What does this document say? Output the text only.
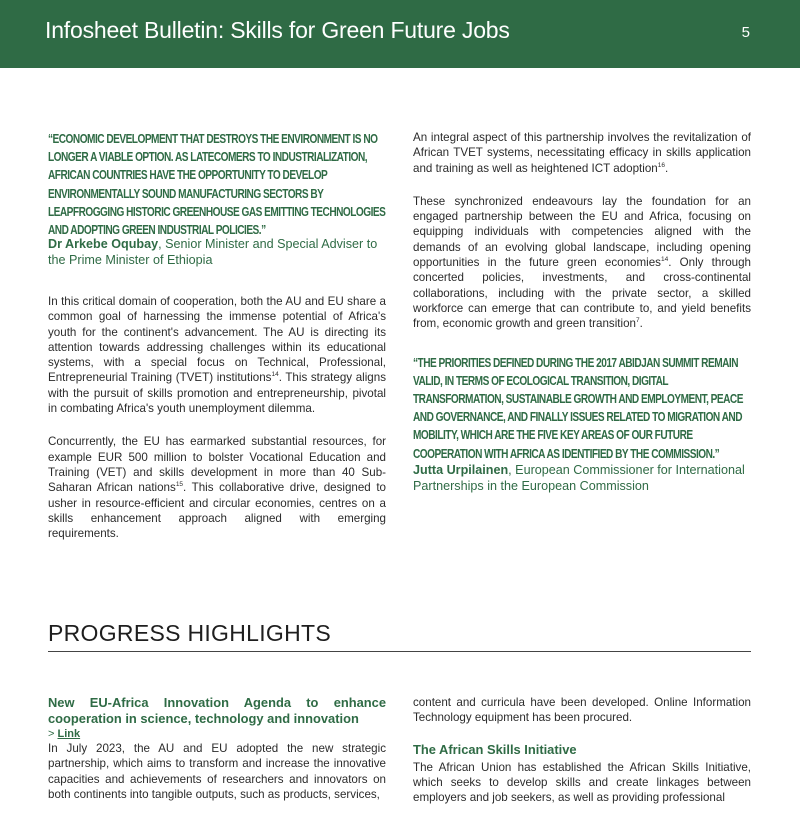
Infosheet Bulletin: Skills for Green Future Jobs	5
“ECONOMIC DEVELOPMENT THAT DESTROYS THE ENVIRONMENT IS NO LONGER A VIABLE OPTION. AS LATECOMERS TO INDUSTRIALIZATION, AFRICAN COUNTRIES HAVE THE OPPORTUNITY TO DEVELOP ENVIRONMENTALLY SOUND MANUFACTURING SECTORS BY LEAPFROGGING HISTORIC GREENHOUSE GAS EMITTING TECHNOLOGIES AND ADOPTING GREEN INDUSTRIAL POLICIES.”
Dr Arkebe Oqubay, Senior Minister and Special Adviser to the Prime Minister of Ethiopia

In this critical domain of cooperation, both the AU and EU share a common goal of harnessing the immense potential of Africa's youth for the continent's advancement. The AU is directing its attention towards addressing challenges within its educational systems, with a special focus on Technical, Professional, Entrepreneurial Training (TVET) institutions$^{14}$. This strategy aligns with the pursuit of skills promotion and entrepreneurship, pivotal in combating Africa's youth unemployment dilemma.

Concurrently, the EU has earmarked substantial resources, for example EUR 500 million to bolster Vocational Education and Training (VET) and skills development in more than 40 Sub-Saharan African nations$^{15}$. This collaborative drive, designed to usher in resource-efficient and circular economies, centres on a skills enhancement approach aligned with emerging requirements.

An integral aspect of this partnership involves the revitalization of African TVET systems, necessitating efficacy in skills application and training as well as heightened ICT adoption$^{16}$.

These synchronized endeavours lay the foundation for an engaged partnership between the EU and Africa, focusing on equipping individuals with competencies aligned with the demands of an evolving global landscape, including opening opportunities in the future green economies$^{14}$. Only through concerted policies, investments, and cross-continental collaborations, including with the private sector, a skilled workforce can emerge that can contribute to, and yield benefits from, economic growth and green transition$^7$.

“THE PRIORITIES DEFINED DURING THE 2017 ABIDJAN SUMMIT REMAIN VALID, IN TERMS OF ECOLOGICAL TRANSITION, DIGITAL TRANSFORMATION, SUSTAINABLE GROWTH AND EMPLOYMENT, PEACE AND GOVERNANCE, AND FINALLY ISSUES RELATED TO MIGRATION AND MOBILITY, WHICH ARE THE FIVE KEY AREAS OF OUR FUTURE COOPERATION WITH AFRICA AS IDENTIFIED BY THE COMMISSION.”
Jutta Urpilainen, European Commissioner for International Partnerships in the European Commission
PROGRESS HIGHLIGHTS
New EU-Africa Innovation Agenda to enhance cooperation in science, technology and innovation
> Link

In July 2023, the AU and EU adopted the new strategic partnership, which aims to transform and increase the innovative capacities and achievements of researchers and innovators on both continents into tangible outputs, such as products, services,

content and curricula have been developed. Online Information Technology equipment has been procured.

The African Skills Initiative

The African Union has established the African Skills Initiative, which seeks to develop skills and create linkages between employers and job seekers, as well as providing professional
